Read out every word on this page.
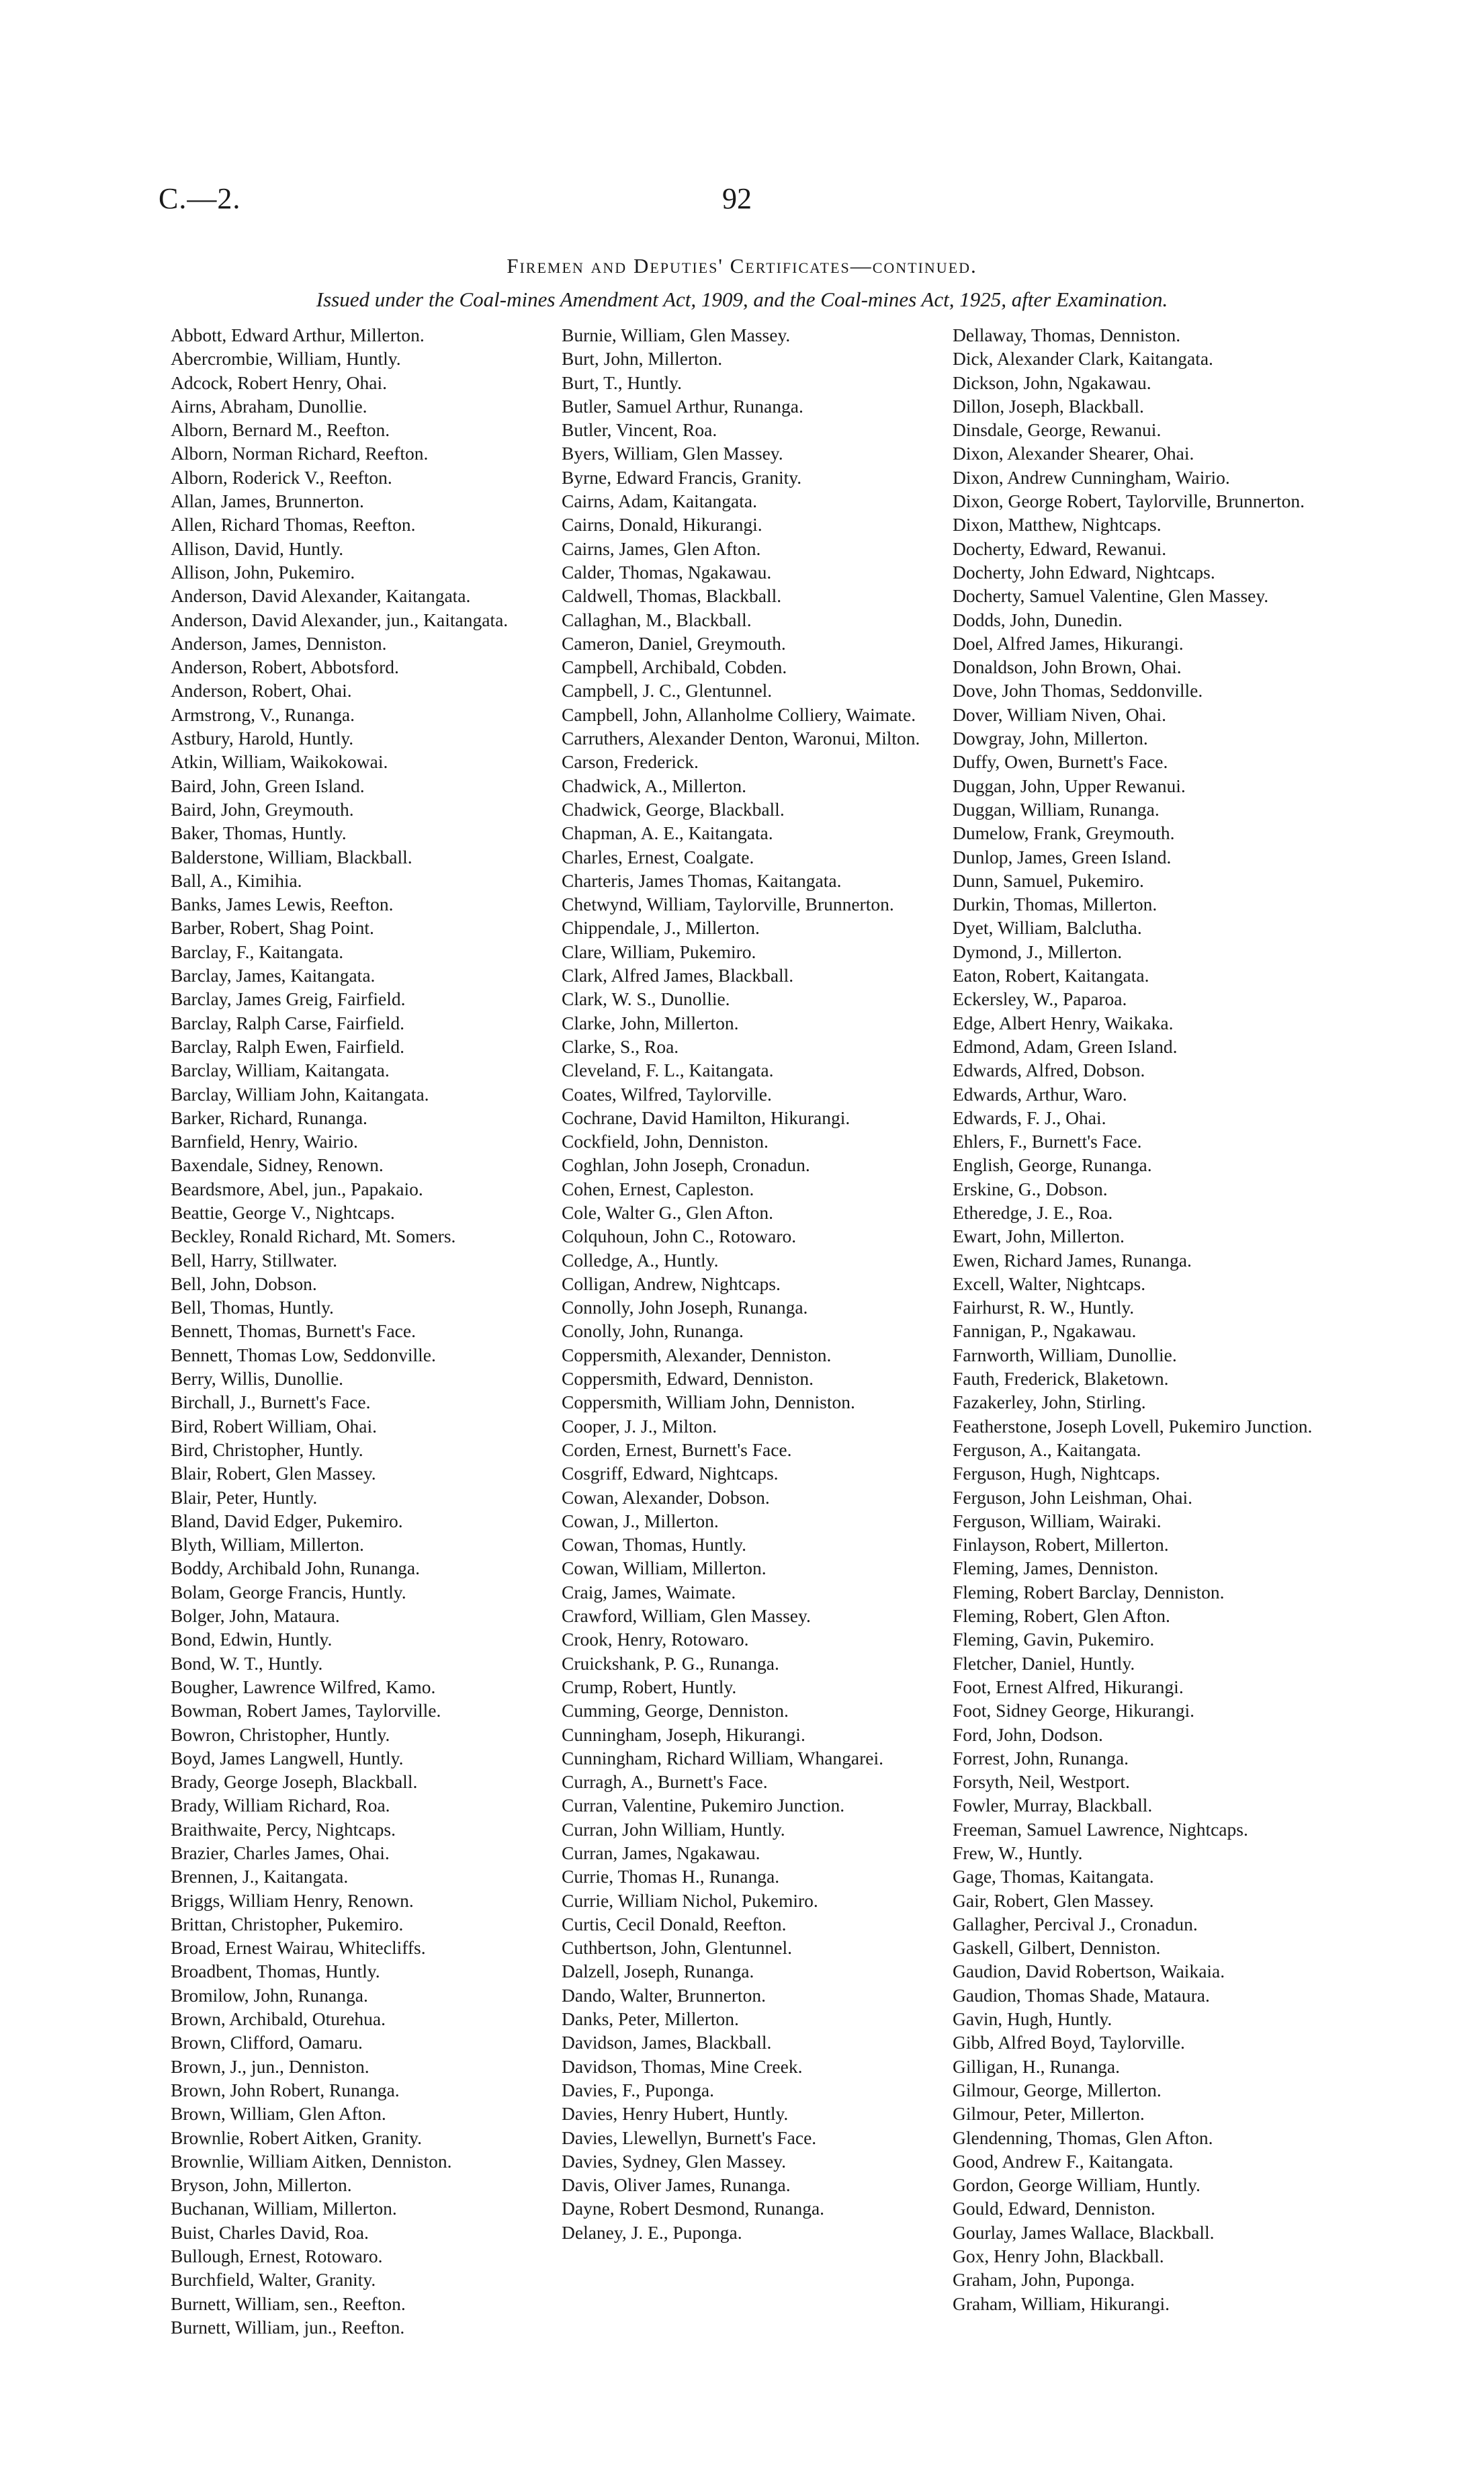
C.—2.	92
Firemen and Deputies' Certificates—continued.
Issued under the Coal-mines Amendment Act, 1909, and the Coal-mines Act, 1925, after Examination.
Abbott, Edward Arthur, Millerton.
Abercrombie, William, Huntly.
Adcock, Robert Henry, Ohai.
Airns, Abraham, Dunollie.
Alborn, Bernard M., Reefton.
Alborn, Norman Richard, Reefton.
Alborn, Roderick V., Reefton.
Allan, James, Brunnerton.
Allen, Richard Thomas, Reefton.
Allison, David, Huntly.
Allison, John, Pukemiro.
Anderson, David Alexander, Kaitangata.
Anderson, David Alexander, jun., Kaitangata.
Anderson, James, Denniston.
Anderson, Robert, Abbotsford.
Anderson, Robert, Ohai.
Armstrong, V., Runanga.
Astbury, Harold, Huntly.
Atkin, William, Waikokowai.
Baird, John, Green Island.
Baird, John, Greymouth.
Baker, Thomas, Huntly.
Balderstone, William, Blackball.
Ball, A., Kimihia.
Banks, James Lewis, Reefton.
Barber, Robert, Shag Point.
Barclay, F., Kaitangata.
Barclay, James, Kaitangata.
Barclay, James Greig, Fairfield.
Barclay, Ralph Carse, Fairfield.
Barclay, Ralph Ewen, Fairfield.
Barclay, William, Kaitangata.
Barclay, William John, Kaitangata.
Barker, Richard, Runanga.
Barnfield, Henry, Wairio.
Baxendale, Sidney, Renown.
Beardsmore, Abel, jun., Papakaio.
Beattie, George V., Nightcaps.
Beckley, Ronald Richard, Mt. Somers.
Bell, Harry, Stillwater.
Bell, John, Dobson.
Bell, Thomas, Huntly.
Bennett, Thomas, Burnett's Face.
Bennett, Thomas Low, Seddonville.
Berry, Willis, Dunollie.
Birchall, J., Burnett's Face.
Bird, Robert William, Ohai.
Bird, Christopher, Huntly.
Blair, Robert, Glen Massey.
Blair, Peter, Huntly.
Bland, David Edger, Pukemiro.
Blyth, William, Millerton.
Boddy, Archibald John, Runanga.
Bolam, George Francis, Huntly.
Bolger, John, Mataura.
Bond, Edwin, Huntly.
Bond, W. T., Huntly.
Bougher, Lawrence Wilfred, Kamo.
Bowman, Robert James, Taylorville.
Bowron, Christopher, Huntly.
Boyd, James Langwell, Huntly.
Brady, George Joseph, Blackball.
Brady, William Richard, Roa.
Braithwaite, Percy, Nightcaps.
Brazier, Charles James, Ohai.
Brennen, J., Kaitangata.
Briggs, William Henry, Renown.
Brittan, Christopher, Pukemiro.
Broad, Ernest Wairau, Whitecliffs.
Broadbent, Thomas, Huntly.
Bromilow, John, Runanga.
Brown, Archibald, Oturehua.
Brown, Clifford, Oamaru.
Brown, J., jun., Denniston.
Brown, John Robert, Runanga.
Brown, William, Glen Afton.
Brownlie, Robert Aitken, Granity.
Brownlie, William Aitken, Denniston.
Bryson, John, Millerton.
Buchanan, William, Millerton.
Buist, Charles David, Roa.
Bullough, Ernest, Rotowaro.
Burchfield, Walter, Granity.
Burnett, William, sen., Reefton.
Burnett, William, jun., Reefton.
Burnie, William, Glen Massey.
Burt, John, Millerton.
Burt, T., Huntly.
Butler, Samuel Arthur, Runanga.
Butler, Vincent, Roa.
Byers, William, Glen Massey.
Byrne, Edward Francis, Granity.
Cairns, Adam, Kaitangata.
Cairns, Donald, Hikurangi.
Cairns, James, Glen Afton.
Calder, Thomas, Ngakawau.
Caldwell, Thomas, Blackball.
Callaghan, M., Blackball.
Cameron, Daniel, Greymouth.
Campbell, Archibald, Cobden.
Campbell, J. C., Glentunnel.
Campbell, John, Allanholme Colliery, Waimate.
Carruthers, Alexander Denton, Waronui, Milton.
Carson, Frederick.
Chadwick, A., Millerton.
Chadwick, George, Blackball.
Chapman, A. E., Kaitangata.
Charles, Ernest, Coalgate.
Charteris, James Thomas, Kaitangata.
Chetwynd, William, Taylorville, Brunnerton.
Chippendale, J., Millerton.
Clare, William, Pukemiro.
Clark, Alfred James, Blackball.
Clark, W. S., Dunollie.
Clarke, John, Millerton.
Clarke, S., Roa.
Cleveland, F. L., Kaitangata.
Coates, Wilfred, Taylorville.
Cochrane, David Hamilton, Hikurangi.
Cockfield, John, Denniston.
Coghlan, John Joseph, Cronadun.
Cohen, Ernest, Capleston.
Cole, Walter G., Glen Afton.
Colquhoun, John C., Rotowaro.
Colledge, A., Huntly.
Colligan, Andrew, Nightcaps.
Connolly, John Joseph, Runanga.
Conolly, John, Runanga.
Coppersmith, Alexander, Denniston.
Coppersmith, Edward, Denniston.
Coppersmith, William John, Denniston.
Cooper, J. J., Milton.
Corden, Ernest, Burnett's Face.
Cosgriff, Edward, Nightcaps.
Cowan, Alexander, Dobson.
Cowan, J., Millerton.
Cowan, Thomas, Huntly.
Cowan, William, Millerton.
Craig, James, Waimate.
Crawford, William, Glen Massey.
Crook, Henry, Rotowaro.
Cruickshank, P. G., Runanga.
Crump, Robert, Huntly.
Cumming, George, Denniston.
Cunningham, Joseph, Hikurangi.
Cunningham, Richard William, Whangarei.
Curragh, A., Burnett's Face.
Curran, Valentine, Pukemiro Junction.
Curran, John William, Huntly.
Curran, James, Ngakawau.
Currie, Thomas H., Runanga.
Currie, William Nichol, Pukemiro.
Curtis, Cecil Donald, Reefton.
Cuthbertson, John, Glentunnel.
Dalzell, Joseph, Runanga.
Dando, Walter, Brunnerton.
Danks, Peter, Millerton.
Davidson, James, Blackball.
Davidson, Thomas, Mine Creek.
Davies, F., Puponga.
Davies, Henry Hubert, Huntly.
Davies, Llewellyn, Burnett's Face.
Davies, Sydney, Glen Massey.
Davis, Oliver James, Runanga.
Dayne, Robert Desmond, Runanga.
Delaney, J. E., Puponga.
Dellaway, Thomas, Denniston.
Dick, Alexander Clark, Kaitangata.
Dickson, John, Ngakawau.
Dillon, Joseph, Blackball.
Dinsdale, George, Rewanui.
Dixon, Alexander Shearer, Ohai.
Dixon, Andrew Cunningham, Wairio.
Dixon, George Robert, Taylorville, Brunnerton.
Dixon, Matthew, Nightcaps.
Docherty, Edward, Rewanui.
Docherty, John Edward, Nightcaps.
Docherty, Samuel Valentine, Glen Massey.
Dodds, John, Dunedin.
Doel, Alfred James, Hikurangi.
Donaldson, John Brown, Ohai.
Dove, John Thomas, Seddonville.
Dover, William Niven, Ohai.
Dowgray, John, Millerton.
Duffy, Owen, Burnett's Face.
Duggan, John, Upper Rewanui.
Duggan, William, Runanga.
Dumelow, Frank, Greymouth.
Dunlop, James, Green Island.
Dunn, Samuel, Pukemiro.
Durkin, Thomas, Millerton.
Dyet, William, Balclutha.
Dymond, J., Millerton.
Eaton, Robert, Kaitangata.
Eckersley, W., Paparoa.
Edge, Albert Henry, Waikaka.
Edmond, Adam, Green Island.
Edwards, Alfred, Dobson.
Edwards, Arthur, Waro.
Edwards, F. J., Ohai.
Ehlers, F., Burnett's Face.
English, George, Runanga.
Erskine, G., Dobson.
Etheredge, J. E., Roa.
Ewart, John, Millerton.
Ewen, Richard James, Runanga.
Excell, Walter, Nightcaps.
Fairhurst, R. W., Huntly.
Fannigan, P., Ngakawau.
Farnworth, William, Dunollie.
Fauth, Frederick, Blaketown.
Fazakerley, John, Stirling.
Featherstone, Joseph Lovell, Pukemiro Junction.
Ferguson, A., Kaitangata.
Ferguson, Hugh, Nightcaps.
Ferguson, John Leishman, Ohai.
Ferguson, William, Wairaki.
Finlayson, Robert, Millerton.
Fleming, James, Denniston.
Fleming, Robert Barclay, Denniston.
Fleming, Robert, Glen Afton.
Fleming, Gavin, Pukemiro.
Fletcher, Daniel, Huntly.
Foot, Ernest Alfred, Hikurangi.
Foot, Sidney George, Hikurangi.
Ford, John, Dodson.
Forrest, John, Runanga.
Forsyth, Neil, Westport.
Fowler, Murray, Blackball.
Freeman, Samuel Lawrence, Nightcaps.
Frew, W., Huntly.
Gage, Thomas, Kaitangata.
Gair, Robert, Glen Massey.
Gallagher, Percival J., Cronadun.
Gaskell, Gilbert, Denniston.
Gaudion, David Robertson, Waikaia.
Gaudion, Thomas Shade, Mataura.
Gavin, Hugh, Huntly.
Gibb, Alfred Boyd, Taylorville.
Gilligan, H., Runanga.
Gilmour, George, Millerton.
Gilmour, Peter, Millerton.
Glendenning, Thomas, Glen Afton.
Good, Andrew F., Kaitangata.
Gordon, George William, Huntly.
Gould, Edward, Denniston.
Gourlay, James Wallace, Blackball.
Gox, Henry John, Blackball.
Graham, John, Puponga.
Graham, William, Hikurangi.
